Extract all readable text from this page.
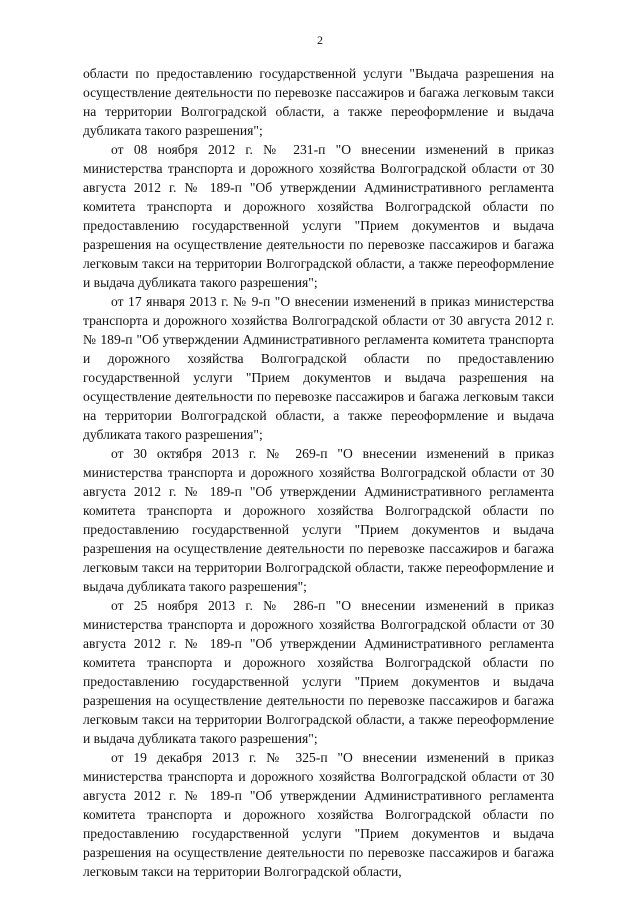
2

области по предоставлению государственной услуги "Выдача разрешения на осуществление деятельности по перевозке пассажиров и багажа легковым такси на территории Волгоградской области, а также переоформление и выдача дубликата такого разрешения";

от 08 ноября 2012 г. № 231-п "О внесении изменений в приказ министерства транспорта и дорожного хозяйства Волгоградской области от 30 августа 2012 г. № 189-п "Об утверждении Административного регламента комитета транспорта и дорожного хозяйства Волгоградской области по предоставлению государственной услуги "Прием документов и выдача разрешения на осуществление деятельности по перевозке пассажиров и багажа легковым такси на территории Волгоградской области, а также переоформление и выдача дубликата такого разрешения";

от 17 января 2013 г. № 9-п "О внесении изменений в приказ министерства транспорта и дорожного хозяйства Волгоградской области от 30 августа 2012 г. № 189-п "Об утверждении Административного регламента комитета транспорта и дорожного хозяйства Волгоградской области по предоставлению государственной услуги "Прием документов и выдача разрешения на осуществление деятельности по перевозке пассажиров и багажа легковым такси на территории Волгоградской области, а также переоформление и выдача дубликата такого разрешения";

от 30 октября 2013 г. № 269-п "О внесении изменений в приказ министерства транспорта и дорожного хозяйства Волгоградской области от 30 августа 2012 г. № 189-п "Об утверждении Административного регламента комитета транспорта и дорожного хозяйства Волгоградской области по предоставлению государственной услуги "Прием документов и выдача разрешения на осуществление деятельности по перевозке пассажиров и багажа легковым такси на территории Волгоградской области, также переоформление и выдача дубликата такого разрешения";

от 25 ноября 2013 г. № 286-п "О внесении изменений в приказ министерства транспорта и дорожного хозяйства Волгоградской области от 30 августа 2012 г. № 189-п "Об утверждении Административного регламента комитета транспорта и дорожного хозяйства Волгоградской области по предоставлению государственной услуги "Прием документов и выдача разрешения на осуществление деятельности по перевозке пассажиров и багажа легковым такси на территории Волгоградской области, а также переоформление и выдача дубликата такого разрешения";

от 19 декабря 2013 г. № 325-п "О внесении изменений в приказ министерства транспорта и дорожного хозяйства Волгоградской области от 30 августа 2012 г. № 189-п "Об утверждении Административного регламента комитета транспорта и дорожного хозяйства Волгоградской области по предоставлению государственной услуги "Прием документов и выдача разрешения на осуществление деятельности по перевозке пассажиров и багажа легковым такси на территории Волгоградской области,
